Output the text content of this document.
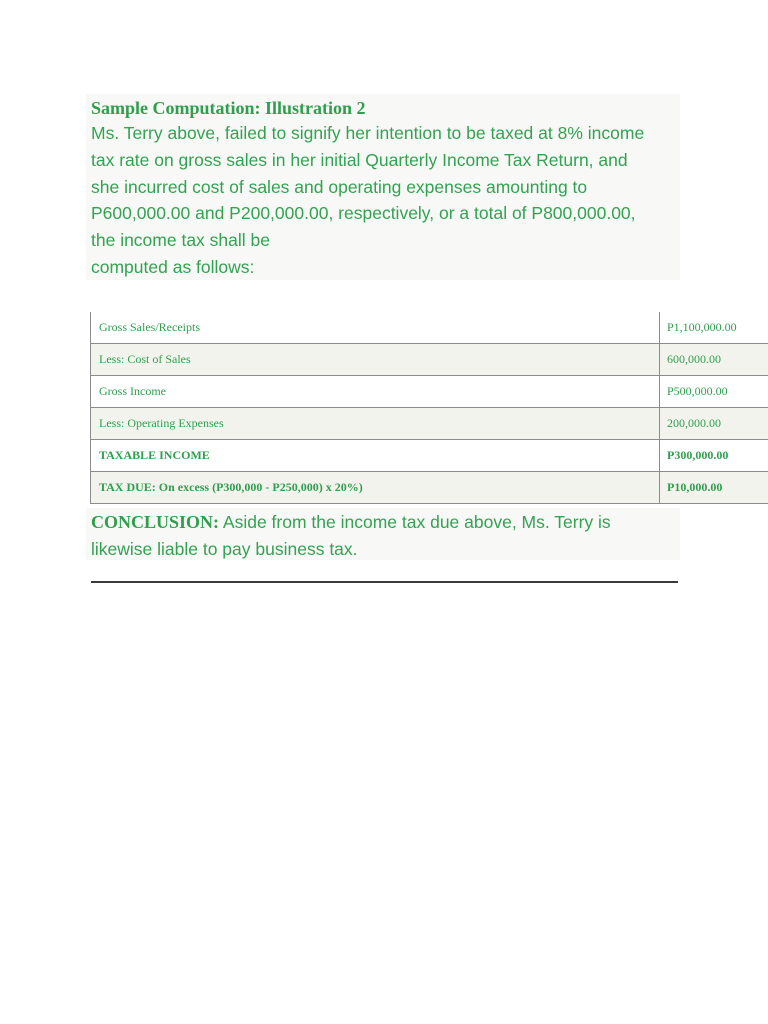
Sample Computation: Illustration 2
Ms. Terry above, failed to signify her intention to be taxed at 8% income
tax rate on gross sales in her initial Quarterly Income Tax Return, and
she incurred cost of sales and operating expenses amounting to
P600,000.00 and P200,000.00, respectively, or a total of P800,000.00,
the income tax shall be
computed as follows:
Gross Sales/Receipts	P1,100,000.00
Less: Cost of Sales	600,000.00
Gross Income	P500,000.00
Less: Operating Expenses	200,000.00
TAXABLE INCOME	P300,000.00
TAX DUE: On excess (P300,000 - P250,000) x 20%)	P10,000.00
CONCLUSION: Aside from the income tax due above, Ms. Terry is
likewise liable to pay business tax.
